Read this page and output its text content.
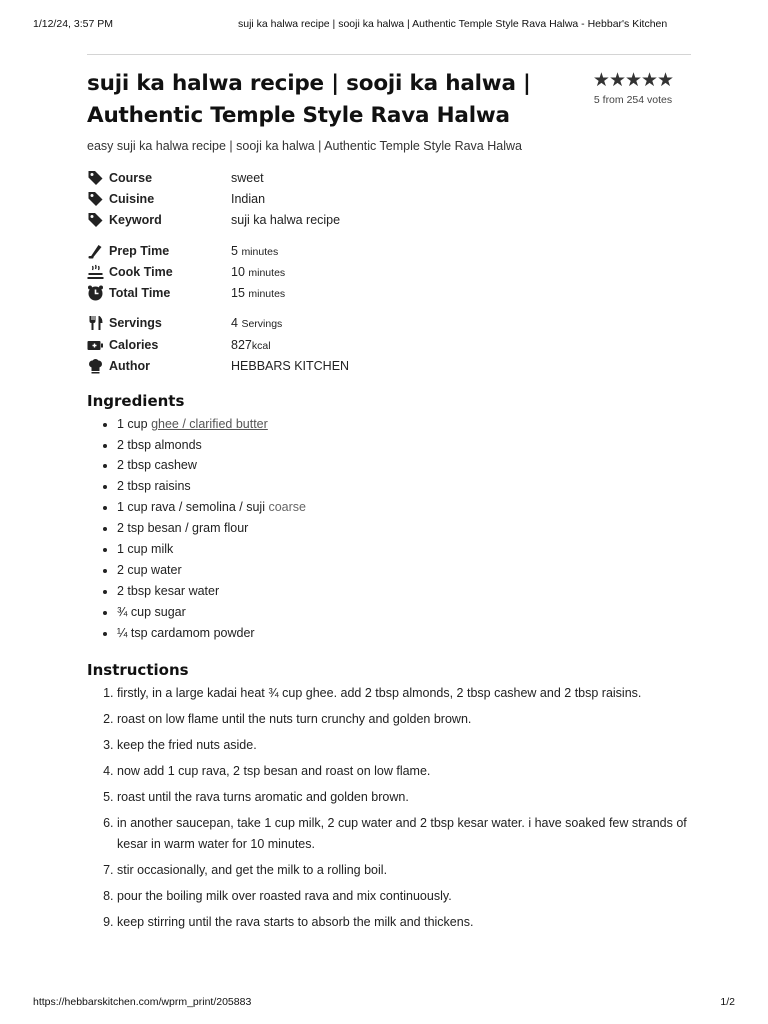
1/12/24, 3:57 PM	suji ka halwa recipe | sooji ka halwa | Authentic Temple Style Rava Halwa - Hebbar's Kitchen
suji ka halwa recipe | sooji ka halwa | Authentic Temple Style Rava Halwa
★★★★★
5 from 254 votes
easy suji ka halwa recipe | sooji ka halwa | Authentic Temple Style Rava Halwa
Course	sweet
Cuisine	Indian
Keyword	suji ka halwa recipe
Prep Time	5 minutes
Cook Time	10 minutes
Total Time	15 minutes
Servings	4 Servings
Calories	827kcal
Author	HEBBARS KITCHEN
Ingredients
• 1 cup ghee / clarified butter
• 2 tbsp almonds
• 2 tbsp cashew
• 2 tbsp raisins
• 1 cup rava / semolina / suji coarse
• 2 tsp besan / gram flour
• 1 cup milk
• 2 cup water
• 2 tbsp kesar water
• ¾ cup sugar
• ¼ tsp cardamom powder
Instructions
1. firstly, in a large kadai heat ¾ cup ghee. add 2 tbsp almonds, 2 tbsp cashew and 2 tbsp raisins.
2. roast on low flame until the nuts turn crunchy and golden brown.
3. keep the fried nuts aside.
4. now add 1 cup rava, 2 tsp besan and roast on low flame.
5. roast until the rava turns aromatic and golden brown.
6. in another saucepan, take 1 cup milk, 2 cup water and 2 tbsp kesar water. i have soaked few strands of kesar in warm water for 10 minutes.
7. stir occasionally, and get the milk to a rolling boil.
8. pour the boiling milk over roasted rava and mix continuously.
9. keep stirring until the rava starts to absorb the milk and thickens.
https://hebbarskitchen.com/wprm_print/205883	1/2
